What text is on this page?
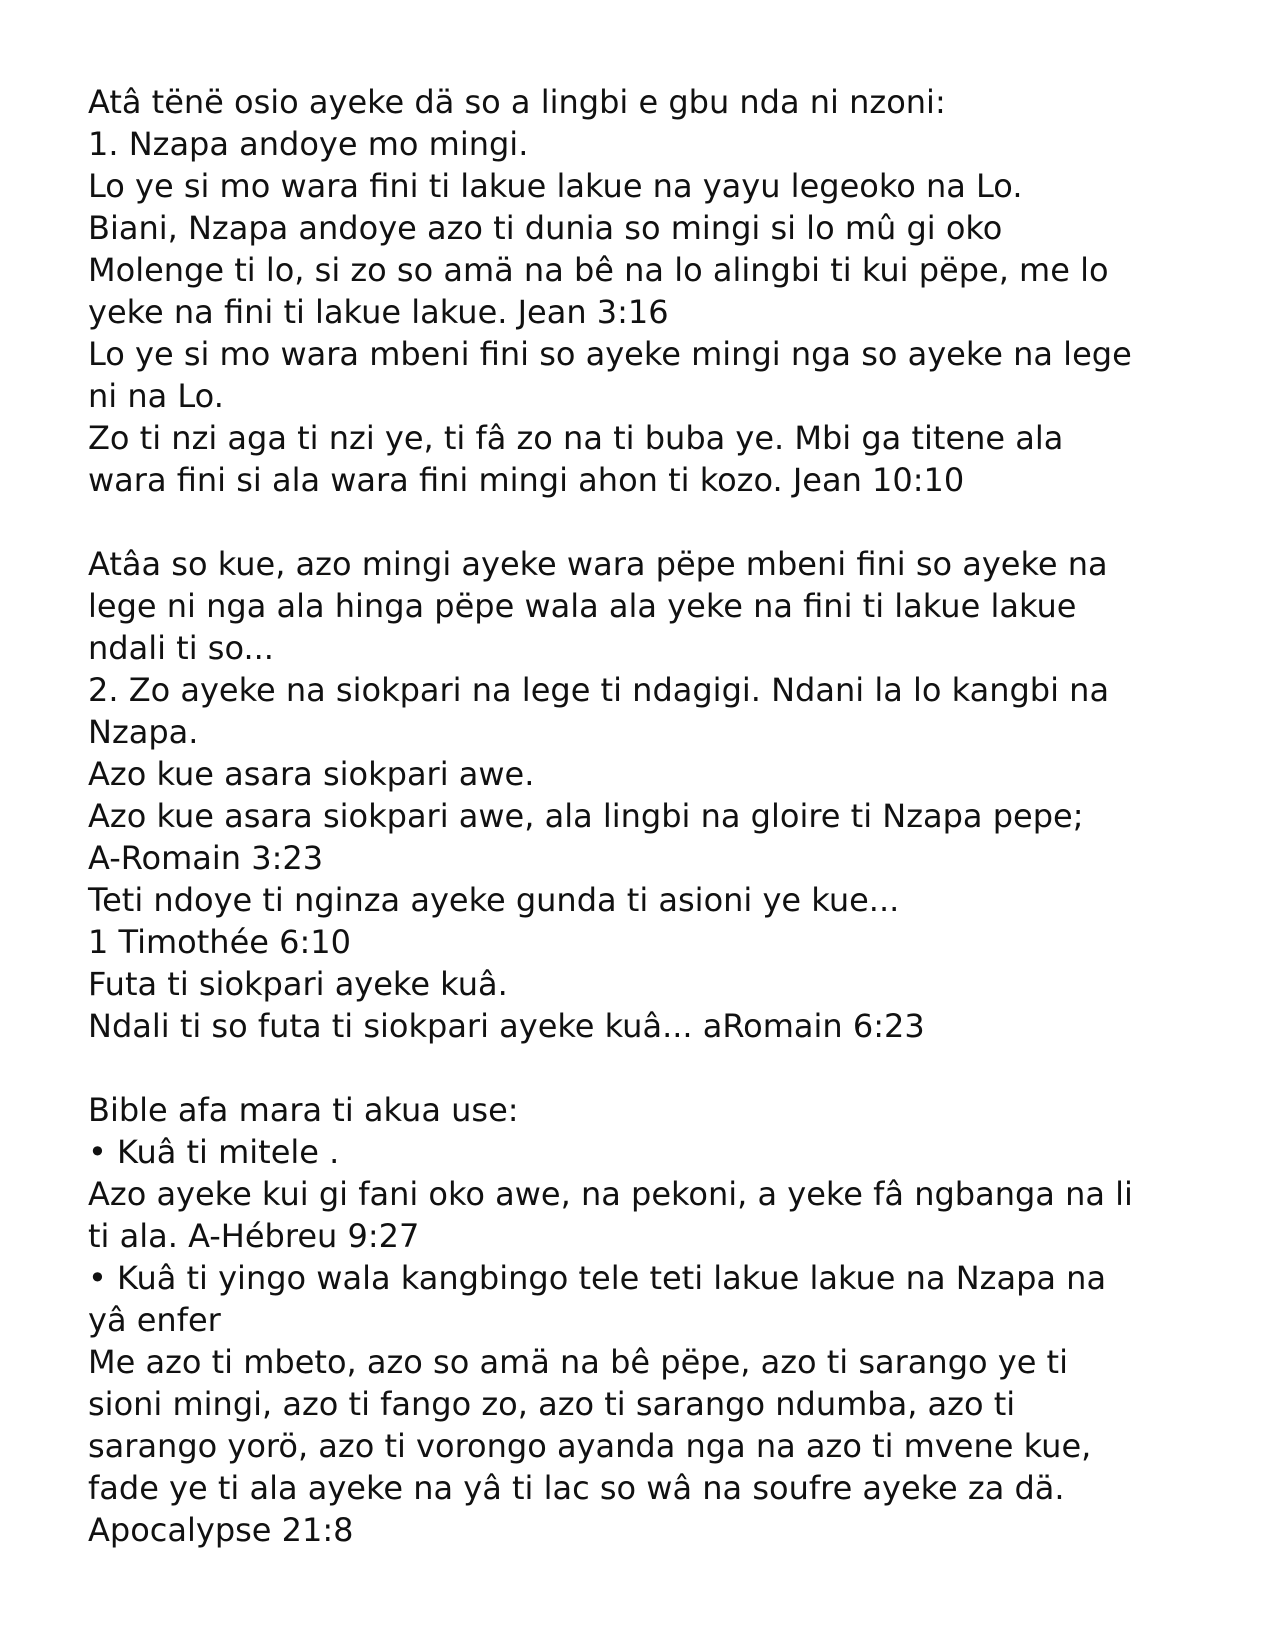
Atâ tënë osio ayeke dä so a lingbi e gbu nda ni nzoni:
1. Nzapa andoye mo mingi.
Lo ye si mo wara fini ti lakue lakue na yayu legeoko na Lo.
Biani, Nzapa andoye azo ti dunia so mingi si lo mû gi oko
Molenge ti lo, si zo so amä na bê na lo alingbi ti kui pëpe, me lo
yeke na fini ti lakue lakue. Jean 3:16
Lo ye si mo wara mbeni fini so ayeke mingi nga so ayeke na lege
ni na Lo.
Zo ti nzi aga ti nzi ye, ti fâ zo na ti buba ye. Mbi ga titene ala
wara fini si ala wara fini mingi ahon ti kozo. Jean 10:10
Atâa so kue, azo mingi ayeke wara pëpe mbeni fini so ayeke na
lege ni nga ala hinga pëpe wala ala yeke na fini ti lakue lakue
ndali ti so...
2. Zo ayeke na siokpari na lege ti ndagigi. Ndani la lo kangbi na
Nzapa.
Azo kue asara siokpari awe.
Azo kue asara siokpari awe, ala lingbi na gloire ti Nzapa pepe;
A-Romain 3:23
Teti ndoye ti nginza ayeke gunda ti asioni ye kue...
1 Timothée 6:10
Futa ti siokpari ayeke kuâ.
Ndali ti so futa ti siokpari ayeke kuâ... aRomain 6:23
Bible afa mara ti akua use:
• Kuâ ti mitele .
Azo ayeke kui gi fani oko awe, na pekoni, a yeke fâ ngbanga na li
ti ala. A-Hébreu 9:27
• Kuâ ti yingo wala kangbingo tele teti lakue lakue na Nzapa na
yâ enfer
Me azo ti mbeto, azo so amä na bê pëpe, azo ti sarango ye ti
sioni mingi, azo ti fango zo, azo ti sarango ndumba, azo ti
sarango yorö, azo ti vorongo ayanda nga na azo ti mvene kue,
fade ye ti ala ayeke na yâ ti lac so wâ na soufre ayeke za dä.
Apocalypse 21:8
